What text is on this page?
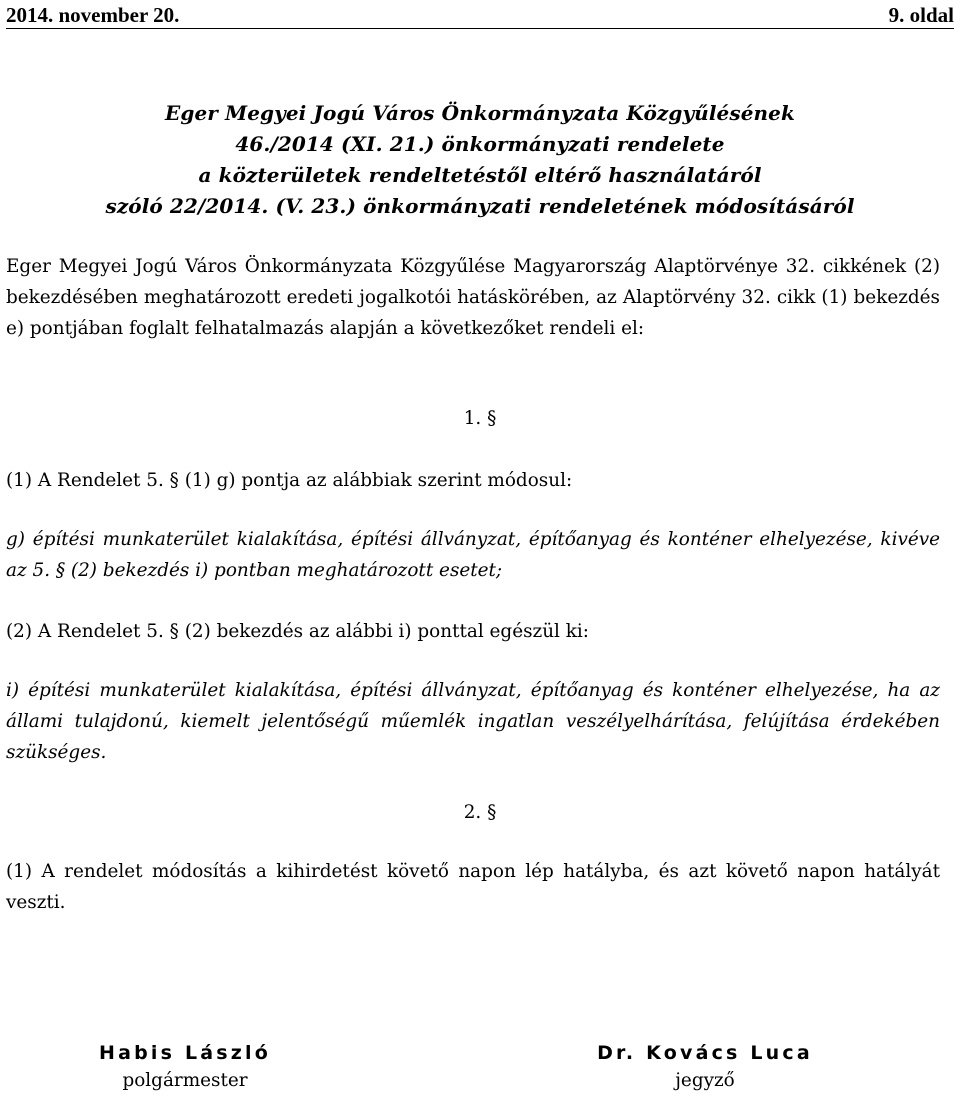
2014. november 20.	9. oldal
Eger Megyei Jogú Város Önkormányzata Közgyűlésének
46./2014 (XI. 21.) önkormányzati rendelete
a közterületek rendeltetéstől eltérő használatáról
szóló 22/2014. (V. 23.) önkormányzati rendeletének módosításáról
Eger Megyei Jogú Város Önkormányzata Közgyűlése Magyarország Alaptörvénye 32. cikkének (2) bekezdésében meghatározott eredeti jogalkotói hatáskörében, az Alaptörvény 32. cikk (1) bekezdés e) pontjában foglalt felhatalmazás alapján a következőket rendeli el:
1. §
(1) A Rendelet 5. § (1) g) pontja az alábbiak szerint módosul:
g) építési munkaterület kialakítása, építési állványzat, építőanyag és konténer elhelyezése, kivéve az 5. § (2) bekezdés i) pontban meghatározott esetet;
(2) A Rendelet 5. § (2) bekezdés az alábbi i) ponttal egészül ki:
i) építési munkaterület kialakítása, építési állványzat, építőanyag és konténer elhelyezése, ha az állami tulajdonú, kiemelt jelentőségű műemlék ingatlan veszélyelhárítása, felújítása érdekében szükséges.
2. §
(1) A rendelet módosítás a kihirdetést követő napon lép hatályba, és azt követő napon hatályát veszti.
Habis László
polgármester
Dr. Kovács Luca
jegyző
